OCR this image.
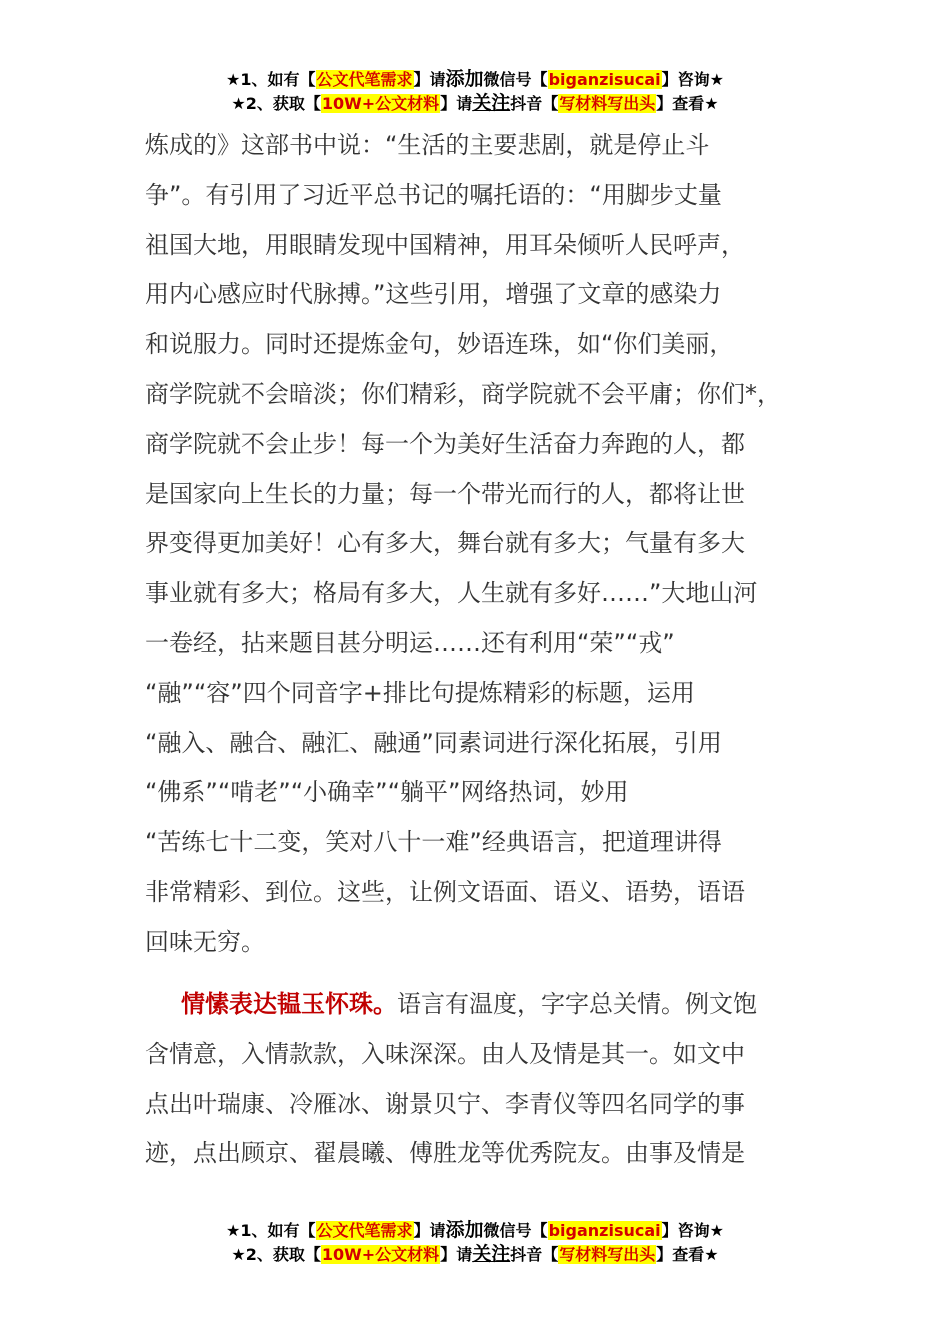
★1、如有【公文代笔需求】请添加微信号【biganzisucai】咨询★
★2、获取【10W+公文材料】请关注抖音【写材料写出头】查看★
炼成的》这部书中说：“生活的主要悲剧，就是停止斗
争”。有引用了习近平总书记的嘱托语的：“用脚步丈量
祖国大地，用眼睛发现中国精神，用耳朵倾听人民呼声，
用内心感应时代脉搏。”这些引用，增强了文章的感染力
和说服力。同时还提炼金句，妙语连珠，如“你们美丽，
商学院就不会暗淡；你们精彩，商学院就不会平庸；你们*，
商学院就不会止步！每一个为美好生活奋力奔跑的人，都
是国家向上生长的力量；每一个带光而行的人，都将让世
界变得更加美好！心有多大，舞台就有多大；气量有多大
事业就有多大；格局有多大，人生就有多好……”大地山河
一卷经，拈来题目甚分明运……还有利用“荣”“戎”
“融”“容”四个同音字+排比句提炼精彩的标题，运用
“融入、融合、融汇、融通”同素词进行深化拓展，引用
“佛系”“啃老”“小确幸”“躺平”网络热词，妙用
“苦练七十二变，笑对八十一难”经典语言，把道理讲得
非常精彩、到位。这些，让例文语面、语义、语势，语语
回味无穷。
情愫表达韫玉怀珠。语言有温度，字字总关情。例文饱
含情意，入情款款，入味深深。由人及情是其一。如文中
点出叶瑞康、冷雁冰、谢景贝宁、李青仪等四名同学的事
迹，点出顾京、翟晨曦、傅胜龙等优秀院友。由事及情是
★1、如有【公文代笔需求】请添加微信号【biganzisucai】咨询★
★2、获取【10W+公文材料】请关注抖音【写材料写出头】查看★
